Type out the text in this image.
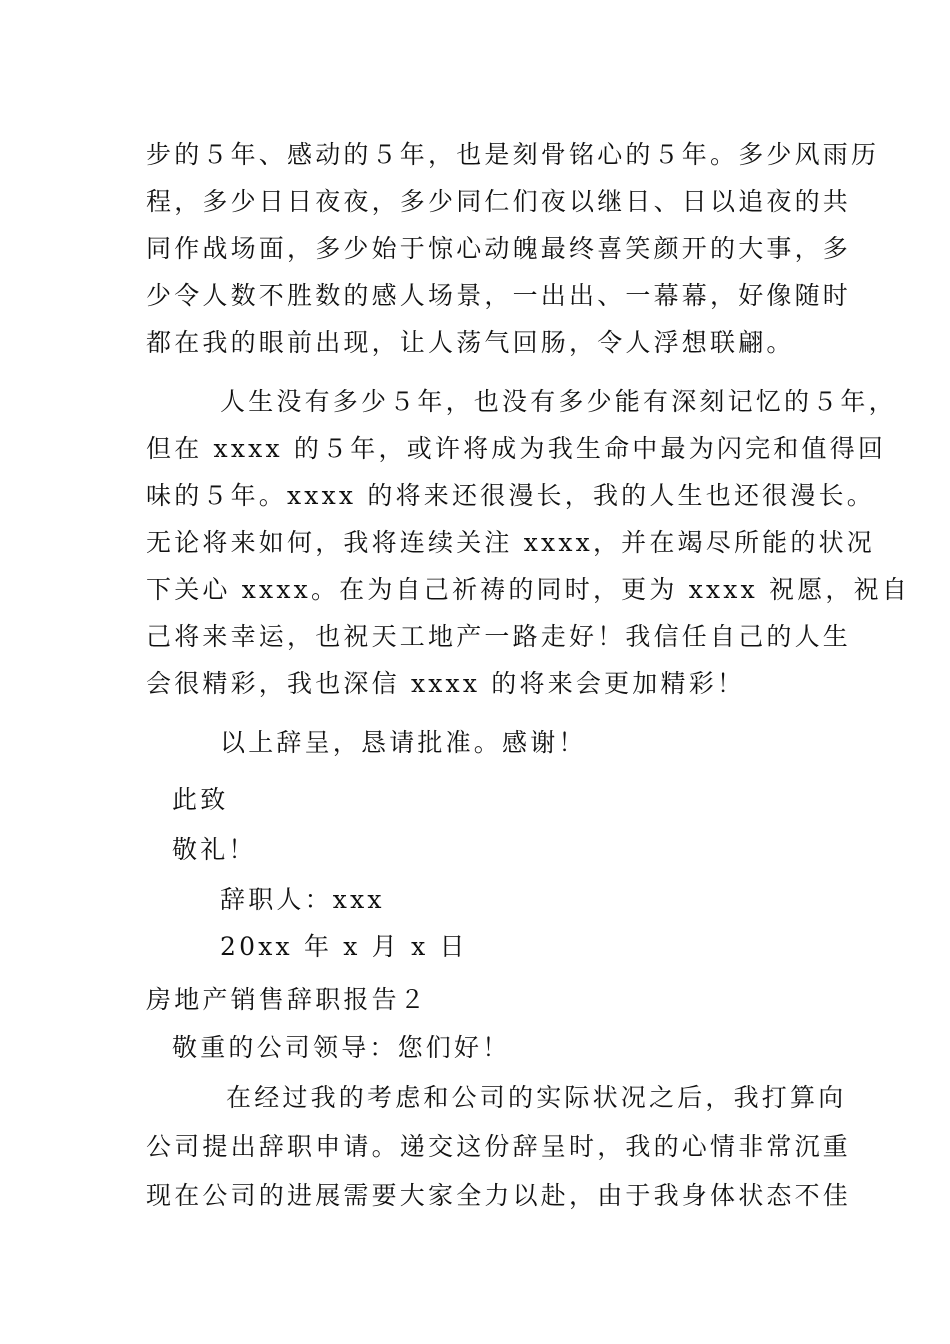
步的５年、感动的５年，也是刻骨铭心的５年。多少风雨历
程，多少日日夜夜，多少同仁们夜以继日、日以追夜的共
同作战场面，多少始于惊心动魄最终喜笑颜开的大事，多
少令人数不胜数的感人场景，一出出、一幕幕，好像随时
都在我的眼前出现，让人荡气回肠，令人浮想联翩。
人生没有多少５年，也没有多少能有深刻记忆的５年，
但在 xxxx 的５年，或许将成为我生命中最为闪完和值得回
味的５年。xxxx 的将来还很漫长，我的人生也还很漫长。
无论将来如何，我将连续关注 xxxx，并在竭尽所能的状况
下关心 xxxx。在为自己祈祷的同时，更为 xxxx 祝愿，祝自
己将来幸运，也祝天工地产一路走好！我信任自己的人生
会很精彩，我也深信 xxxx 的将来会更加精彩！
以上辞呈，恳请批准。感谢！
此致
敬礼！
辞职人：xxx
20xx 年 x 月 x 日
房地产销售辞职报告２
敬重的公司领导：您们好！
在经过我的考虑和公司的实际状况之后，我打算向
公司提出辞职申请。递交这份辞呈时，我的心情非常沉重
现在公司的进展需要大家全力以赴，由于我身体状态不佳
